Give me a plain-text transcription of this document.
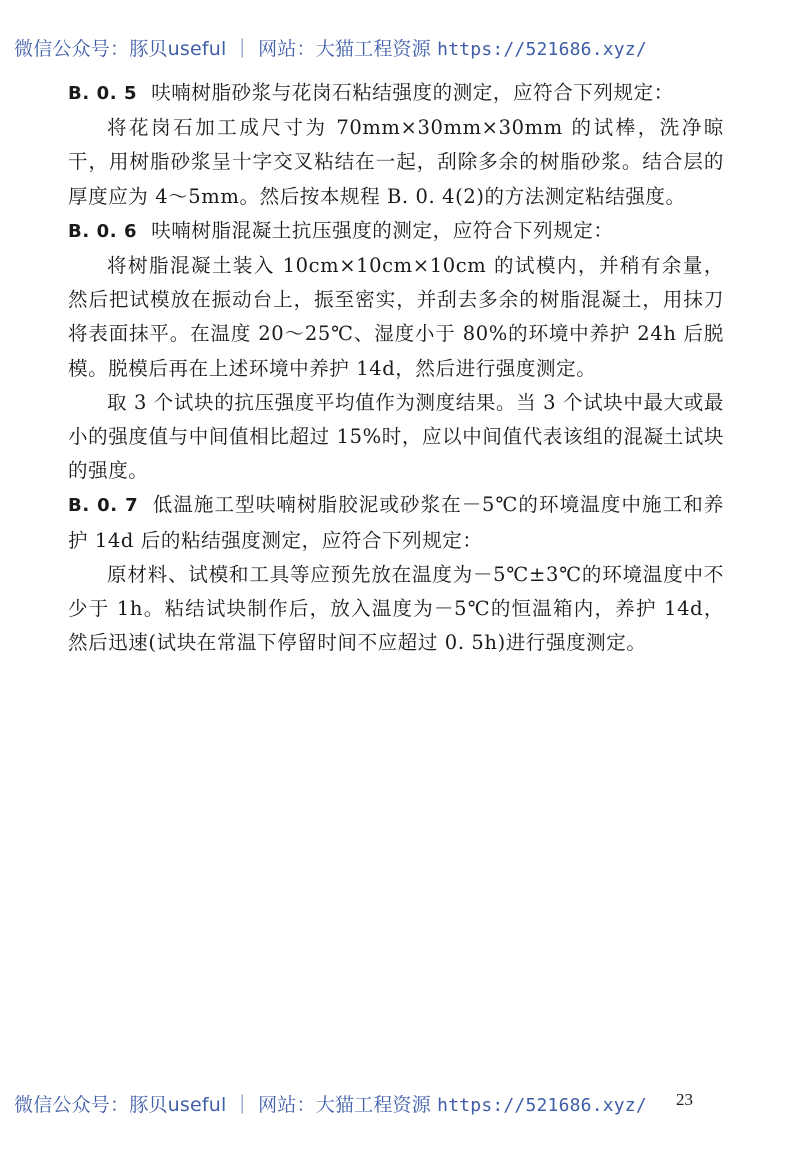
微信公众号：豚贝useful ｜ 网站：大猫工程资源 https://521686.xyz/

B. 0. 5 呋喃树脂砂浆与花岗石粘结强度的测定，应符合下列规定：

将花岗石加工成尺寸为 70mm×30mm×30mm 的试棒，洗净晾干，用树脂砂浆呈十字交叉粘结在一起，刮除多余的树脂砂浆。结合层的厚度应为 4～5mm。然后按本规程 B. 0. 4(2)的方法测定粘结强度。

B. 0. 6 呋喃树脂混凝土抗压强度的测定，应符合下列规定：

将树脂混凝土装入 10cm×10cm×10cm 的试模内，并稍有余量，然后把试模放在振动台上，振至密实，并刮去多余的树脂混凝土，用抹刀将表面抹平。在温度 20～25℃、湿度小于 80%的环境中养护 24h 后脱模。脱模后再在上述环境中养护 14d，然后进行强度测定。

取 3 个试块的抗压强度平均值作为测度结果。当 3 个试块中最大或最小的强度值与中间值相比超过 15%时，应以中间值代表该组的混凝土试块的强度。

B. 0. 7 低温施工型呋喃树脂胶泥或砂浆在－5℃的环境温度中施工和养护 14d 后的粘结强度测定，应符合下列规定：

原材料、试模和工具等应预先放在温度为－5℃±3℃的环境温度中不少于 1h。粘结试块制作后，放入温度为－5℃的恒温箱内，养护 14d，然后迅速(试块在常温下停留时间不应超过 0. 5h)进行强度测定。

23
微信公众号：豚贝useful ｜ 网站：大猫工程资源 https://521686.xyz/
